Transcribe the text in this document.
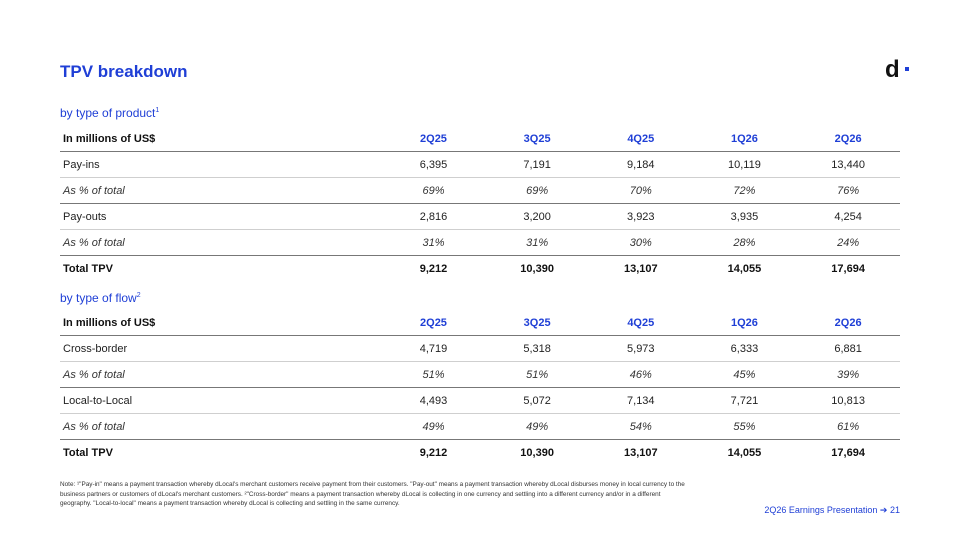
TPV breakdown	d
by type of product$^1$
In millions of US$	2Q25	3Q25	4Q25	1Q26	2Q26
Pay-ins	6,395	7,191	9,184	10,119	13,440
As % of total	69%	69%	70%	72%	76%
Pay-outs	2,816	3,200	3,923	3,935	4,254
As % of total	31%	31%	30%	28%	24%
Total TPV	9,212	10,390	13,107	14,055	17,694
by type of flow$^2$
In millions of US$	2Q25	3Q25	4Q25	1Q26	2Q26
Cross-border	4,719	5,318	5,973	6,333	6,881
As % of total	51%	51%	46%	45%	39%
Local-to-Local	4,493	5,072	7,134	7,721	10,813
As % of total	49%	49%	54%	55%	61%
Total TPV	9,212	10,390	13,107	14,055	17,694
Note: ¹"Pay-in" means a payment transaction whereby dLocal's merchant customers receive payment from their customers. "Pay-out" means a payment transaction whereby dLocal disburses money in local currency to the business partners or customers of dLocal's merchant customers. ²"Cross-border" means a payment transaction whereby dLocal is collecting in one currency and settling into a different currency and/or in a different geography. "Local-to-local" means a payment transaction whereby dLocal is collecting and settling in the same currency.
2Q26 Earnings Presentation ➔ 21
